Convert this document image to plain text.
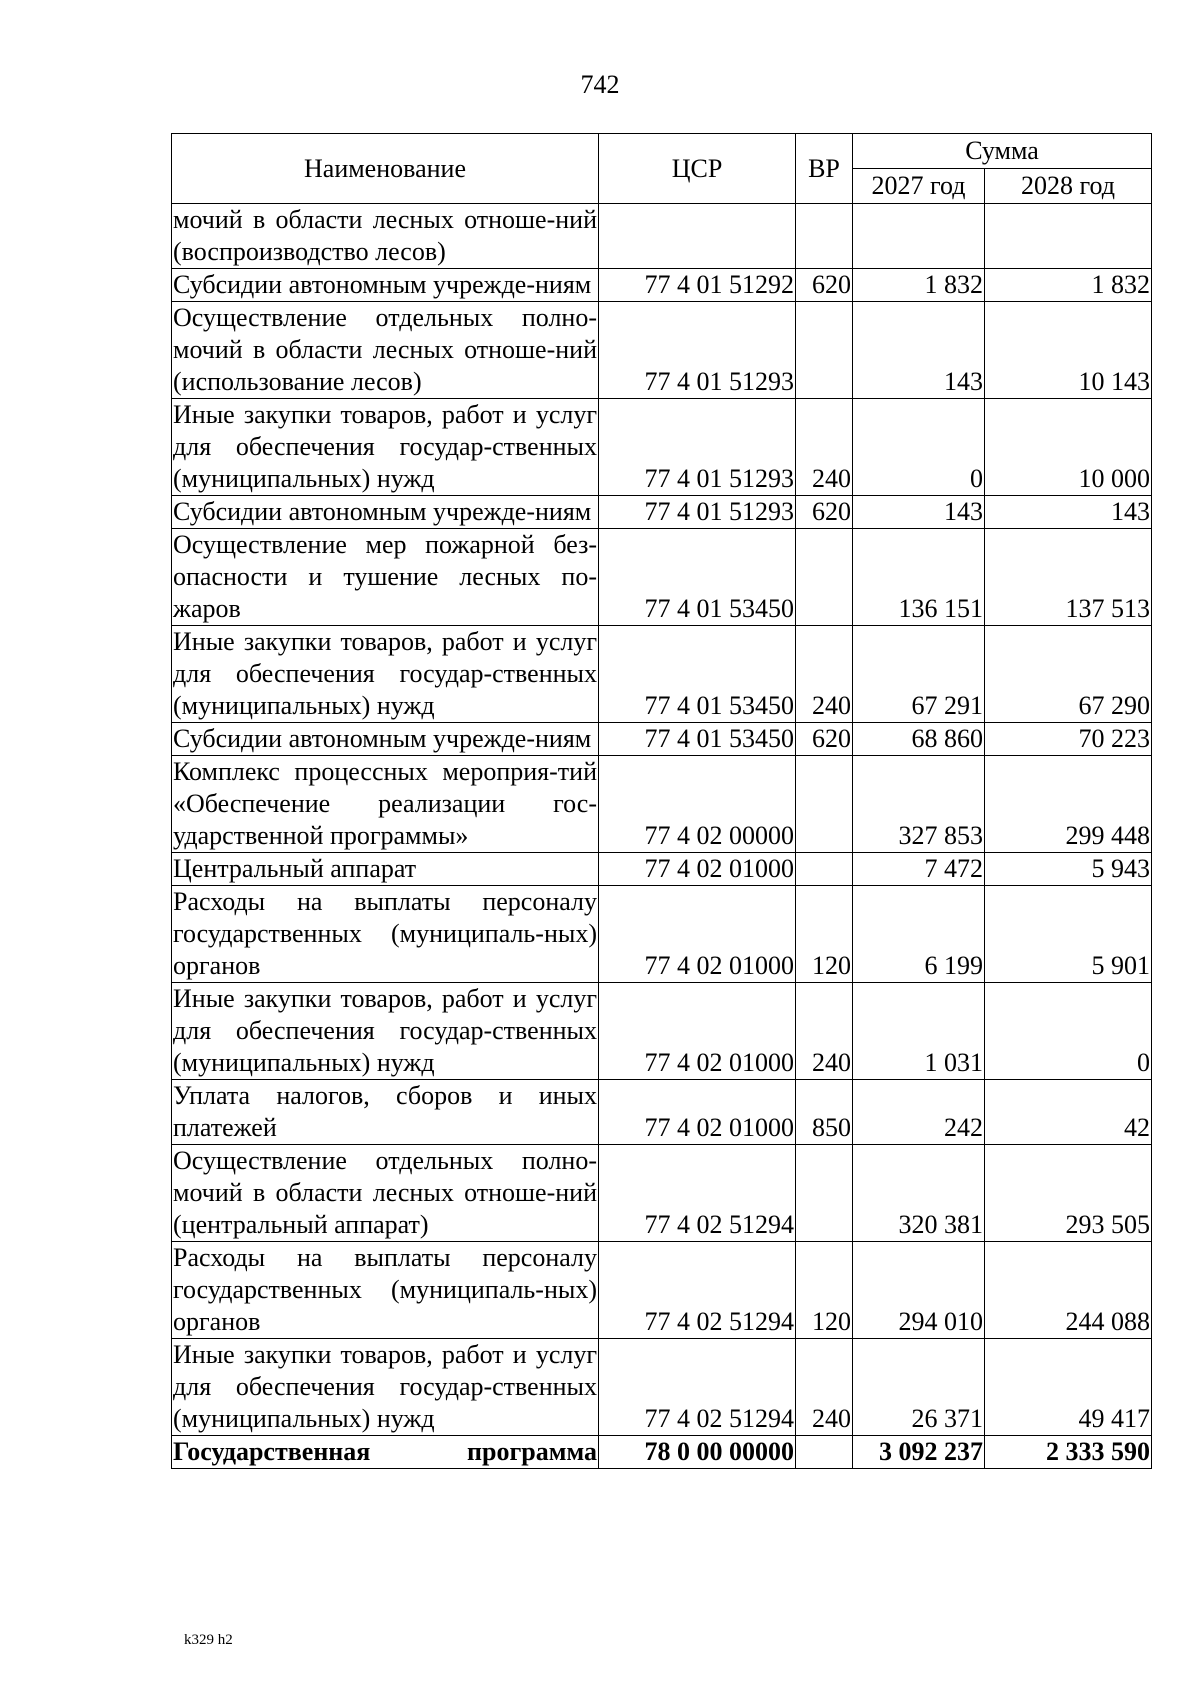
742
Наименование	ЦСР	ВР	Сумма	
			2027 год	2028 год
мочий в области лесных отноше-ний (воспроизводство лесов)				
Субсидии автономным учрежде-ниям	77 4 01 51292	620	1 832	1 832
Осуществление отдельных полно-мочий в области лесных отноше-ний (использование лесов)	77 4 01 51293		143	10 143
Иные закупки товаров, работ и услуг для обеспечения государ-ственных (муниципальных) нужд	77 4 01 51293	240	0	10 000
Субсидии автономным учрежде-ниям	77 4 01 51293	620	143	143
Осуществление мер пожарной без-опасности и тушение лесных по-жаров	77 4 01 53450		136 151	137 513
Иные закупки товаров, работ и услуг для обеспечения государ-ственных (муниципальных) нужд	77 4 01 53450	240	67 291	67 290
Субсидии автономным учрежде-ниям	77 4 01 53450	620	68 860	70 223
Комплекс процессных мероприя-тий «Обеспечение реализации гос-ударственной программы»	77 4 02 00000		327 853	299 448
Центральный аппарат	77 4 02 01000		7 472	5 943
Расходы на выплаты персоналу государственных (муниципаль-ных) органов	77 4 02 01000	120	6 199	5 901
Иные закупки товаров, работ и услуг для обеспечения государ-ственных (муниципальных) нужд	77 4 02 01000	240	1 031	0
Уплата налогов, сборов и иных платежей	77 4 02 01000	850	242	42
Осуществление отдельных полно-мочий в области лесных отноше-ний (центральный аппарат)	77 4 02 51294		320 381	293 505
Расходы на выплаты персоналу государственных (муниципаль-ных) органов	77 4 02 51294	120	294 010	244 088
Иные закупки товаров, работ и услуг для обеспечения государ-ственных (муниципальных) нужд	77 4 02 51294	240	26 371	49 417
Государственная программа	78 0 00 00000		3 092 237	2 333 590
k329 h2
